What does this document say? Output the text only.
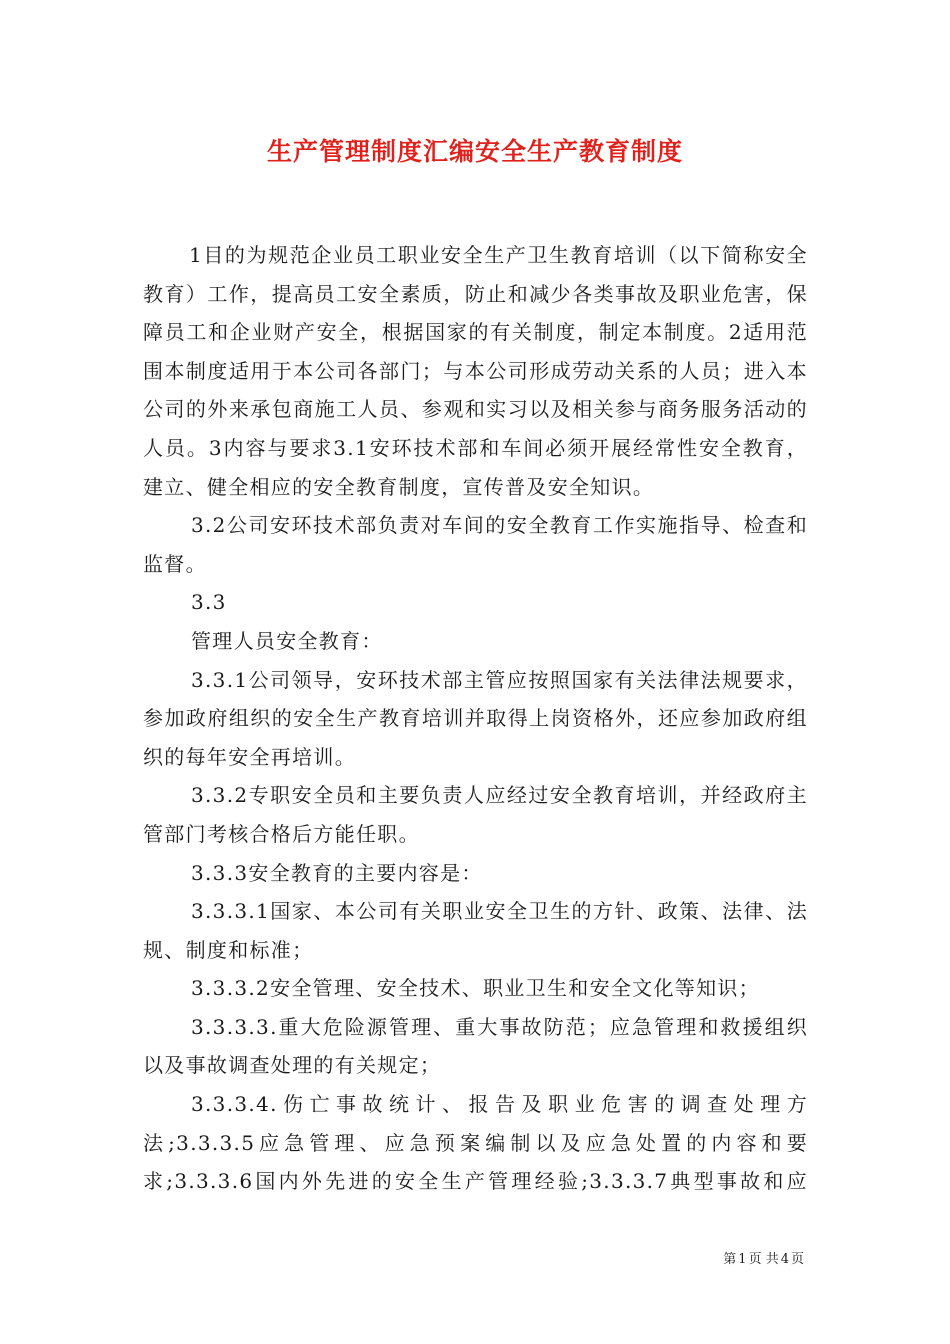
生产管理制度汇编安全生产教育制度

1目的为规范企业员工职业安全生产卫生教育培训（以下简称安全教育）工作，提高员工安全素质，防止和减少各类事故及职业危害，保障员工和企业财产安全，根据国家的有关制度，制定本制度。2适用范围本制度适用于本公司各部门；与本公司形成劳动关系的人员；进入本公司的外来承包商施工人员、参观和实习以及相关参与商务服务活动的人员。3内容与要求3.1安环技术部和车间必须开展经常性安全教育，建立、健全相应的安全教育制度，宣传普及安全知识。

3.2公司安环技术部负责对车间的安全教育工作实施指导、检查和监督。

3.3

管理人员安全教育：

3.3.1公司领导，安环技术部主管应按照国家有关法律法规要求，参加政府组织的安全生产教育培训并取得上岗资格外，还应参加政府组织的每年安全再培训。

3.3.2专职安全员和主要负责人应经过安全教育培训，并经政府主管部门考核合格后方能任职。

3.3.3安全教育的主要内容是：

3.3.3.1国家、本公司有关职业安全卫生的方针、政策、法律、法规、制度和标准；

3.3.3.2安全管理、安全技术、职业卫生和安全文化等知识；

3.3.3.3.重大危险源管理、重大事故防范；应急管理和救援组织以及事故调查处理的有关规定；

3.3.3.4.伤亡事故统计、报告及职业危害的调查处理方法;3.3.3.5应急管理、应急预案编制以及应急处置的内容和要求;3.3.3.6国内外先进的安全生产管理经验;3.3.3.7典型事故和应

第 1 页 共 4 页
